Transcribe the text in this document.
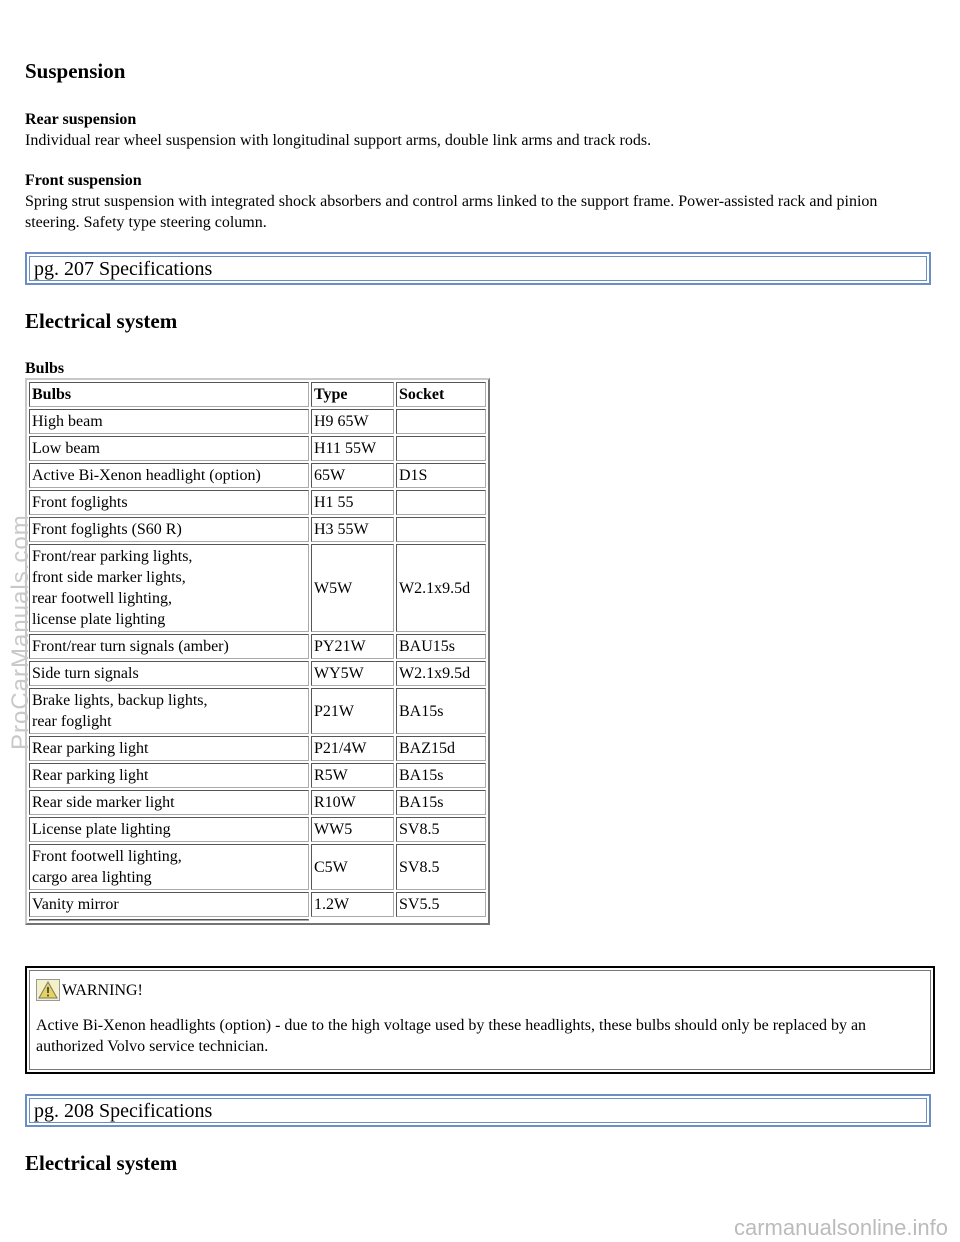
Suspension
Rear suspension
Individual rear wheel suspension with longitudinal support arms, double link arms and track rods.
Front suspension
Spring strut suspension with integrated shock absorbers and control arms linked to the support frame. Power-assisted rack and pinion steering. Safety type steering column.
pg. 207 Specifications
Electrical system
Bulbs
Bulbs	Type	Socket
High beam	H9 65W	
Low beam	H11 55W	
Active Bi-Xenon headlight (option)	65W	D1S
Front foglights	H1 55	
Front foglights (S60 R)	H3 55W	
Front/rear parking lights,
front side marker lights,
rear footwell lighting,
license plate lighting	W5W	W2.1x9.5d
Front/rear turn signals (amber)	PY21W	BAU15s
Side turn signals	WY5W	W2.1x9.5d
Brake lights, backup lights,
rear foglight	P21W	BA15s
Rear parking light	P21/4W	BAZ15d
Rear parking light	R5W	BA15s
Rear side marker light	R10W	BA15s
License plate lighting	WW5	SV8.5
Front footwell lighting,
cargo area lighting	C5W	SV8.5
Vanity mirror	1.2W	SV5.5

WARNING!
Active Bi-Xenon headlights (option) - due to the high voltage used by these headlights, these bulbs should only be replaced by an authorized Volvo service technician.
pg. 208 Specifications
Electrical system
ProCarManuals.com
carmanualsonline.info
